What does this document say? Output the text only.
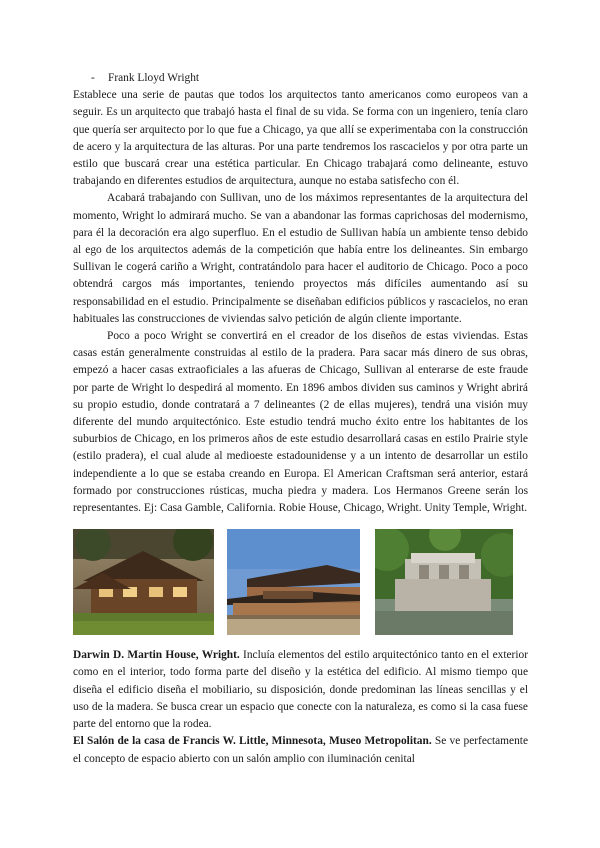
- Frank Lloyd Wright

Establece una serie de pautas que todos los arquitectos tanto americanos como europeos van a seguir. Es un arquitecto que trabajó hasta el final de su vida. Se forma con un ingeniero, tenía claro que quería ser arquitecto por lo que fue a Chicago, ya que allí se experimentaba con la construcción de acero y la arquitectura de las alturas. Por una parte tendremos los rascacielos y por otra parte un estilo que buscará crear una estética particular. En Chicago trabajará como delineante, estuvo trabajando en diferentes estudios de arquitectura, aunque no estaba satisfecho con él.

Acabará trabajando con Sullivan, uno de los máximos representantes de la arquitectura del momento, Wright lo admirará mucho. Se van a abandonar las formas caprichosas del modernismo, para él la decoración era algo superfluo. En el estudio de Sullivan había un ambiente tenso debido al ego de los arquitectos además de la competición que había entre los delineantes. Sin embargo Sullivan le cogerá cariño a Wright, contratándolo para hacer el auditorio de Chicago. Poco a poco obtendrá cargos más importantes, teniendo proyectos más difíciles aumentando así su responsabilidad en el estudio. Principalmente se diseñaban edificios públicos y rascacielos, no eran habituales las construcciones de viviendas salvo petición de algún cliente importante.

Poco a poco Wright se convertirá en el creador de los diseños de estas viviendas. Estas casas están generalmente construidas al estilo de la pradera. Para sacar más dinero de sus obras, empezó a hacer casas extraoficiales a las afueras de Chicago, Sullivan al enterarse de este fraude por parte de Wright lo despedirá al momento. En 1896 ambos dividen sus caminos y Wright abrirá su propio estudio, donde contratará a 7 delineantes (2 de ellas mujeres), tendrá una visión muy diferente del mundo arquitectónico. Este estudio tendrá mucho éxito entre los habitantes de los suburbios de Chicago, en los primeros años de este estudio desarrollará casas en estilo Prairie style (estilo pradera), el cual alude al medioeste estadounidense y a un intento de desarrollar un estilo independiente a lo que se estaba creando en Europa. El American Craftsman será anterior, estará formado por construcciones rústicas, mucha piedra y madera. Los Hermanos Greene serán los representantes. Ej: Casa Gamble, California. Robie House, Chicago, Wright. Unity Temple, Wright.

Darwin D. Martin House, Wright. Incluía elementos del estilo arquitectónico tanto en el exterior como en el interior, todo forma parte del diseño y la estética del edificio. Al mismo tiempo que diseña el edificio diseña el mobiliario, su disposición, donde predominan las líneas sencillas y el uso de la madera. Se busca crear un espacio que conecte con la naturaleza, es como si la casa fuese parte del entorno que la rodea.

El Salón de la casa de Francis W. Little, Minnesota, Museo Metropolitan. Se ve perfectamente el concepto de espacio abierto con un salón amplio con iluminación cenital
